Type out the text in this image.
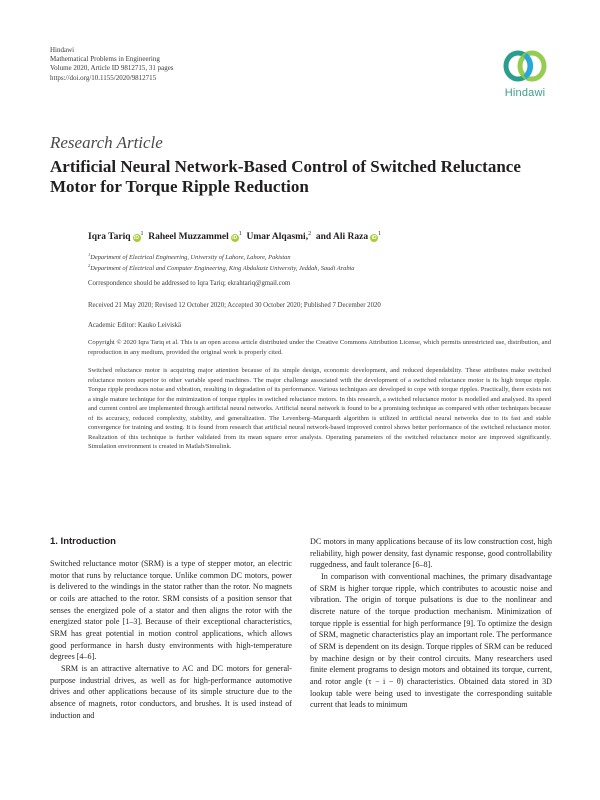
Hindawi
Mathematical Problems in Engineering
Volume 2020, Article ID 9812715, 31 pages
https://doi.org/10.1155/2020/9812715
Hindawi
Research Article
Artificial Neural Network-Based Control of Switched Reluctance Motor for Torque Ripple Reduction
Iqra Tariq $iD^1$ Raheel Muzzammel $iD^1$ Umar Alqasmi,$^2$ and Ali Raza $iD^1$
$^1$Department of Electrical Engineering, University of Lahore, Lahore, Pakistan
$^2$Department of Electrical and Computer Engineering, King Abdulaziz University, Jeddah, Saudi Arabia
Correspondence should be addressed to Iqra Tariq; ekrahtariq@gmail.com
Received 21 May 2020; Revised 12 October 2020; Accepted 30 October 2020; Published 7 December 2020
Academic Editor: Kauko Leiviskä
Copyright © 2020 Iqra Tariq et al. This is an open access article distributed under the Creative Commons Attribution License, which permits unrestricted use, distribution, and reproduction in any medium, provided the original work is properly cited.
Switched reluctance motor is acquiring major attention because of its simple design, economic development, and reduced dependability. These attributes make switched reluctance motors superior to other variable speed machines. The major challenge associated with the development of a switched reluctance motor is its high torque ripple. Torque ripple produces noise and vibration, resulting in degradation of its performance. Various techniques are developed to cope with torque ripples. Practically, there exists not a single mature technique for the minimization of torque ripples in switched reluctance motors. In this research, a switched reluctance motor is modelled and analysed. Its speed and current control are implemented through artificial neural networks. Artificial neural network is found to be a promising technique as compared with other techniques because of its accuracy, reduced complexity, stability, and generalization. The Levenberg–Marquardt algorithm is utilized in artificial neural networks due to its fast and stable convergence for training and testing. It is found from research that artificial neural network-based improved control shows better performance of the switched reluctance motor. Realization of this technique is further validated from its mean square error analysis. Operating parameters of the switched reluctance motor are improved significantly. Simulation environment is created in Matlab/Simulink.
1. Introduction

Switched reluctance motor (SRM) is a type of stepper motor, an electric motor that runs by reluctance torque. Unlike common DC motors, power is delivered to the windings in the stator rather than the rotor. No magnets or coils are attached to the rotor. SRM consists of a position sensor that senses the energized pole of a stator and then aligns the rotor with the energized stator pole [1–3]. Because of their exceptional characteristics, SRM has great potential in motion control applications, which allows good performance in harsh dusty environments with high-temperature degrees [4–6].

SRM is an attractive alternative to AC and DC motors for general-purpose industrial drives, as well as for high-performance automotive drives and other applications because of its simple structure due to the absence of magnets, rotor conductors, and brushes. It is used instead of induction and

DC motors in many applications because of its low construction cost, high reliability, high power density, fast dynamic response, good controllability ruggedness, and fault tolerance [6–8].

In comparison with conventional machines, the primary disadvantage of SRM is higher torque ripple, which contributes to acoustic noise and vibration. The origin of torque pulsations is due to the nonlinear and discrete nature of the torque production mechanism. Minimization of torque ripple is essential for high performance [9]. To optimize the design of SRM, magnetic characteristics play an important role. The performance of SRM is dependent on its design. Torque ripples of SRM can be reduced by machine design or by their control circuits. Many researchers used finite element programs to design motors and obtained its torque, current, and rotor angle (τ − i − θ) characteristics. Obtained data stored in 3D lookup table were being used to investigate the corresponding suitable current that leads to minimum
